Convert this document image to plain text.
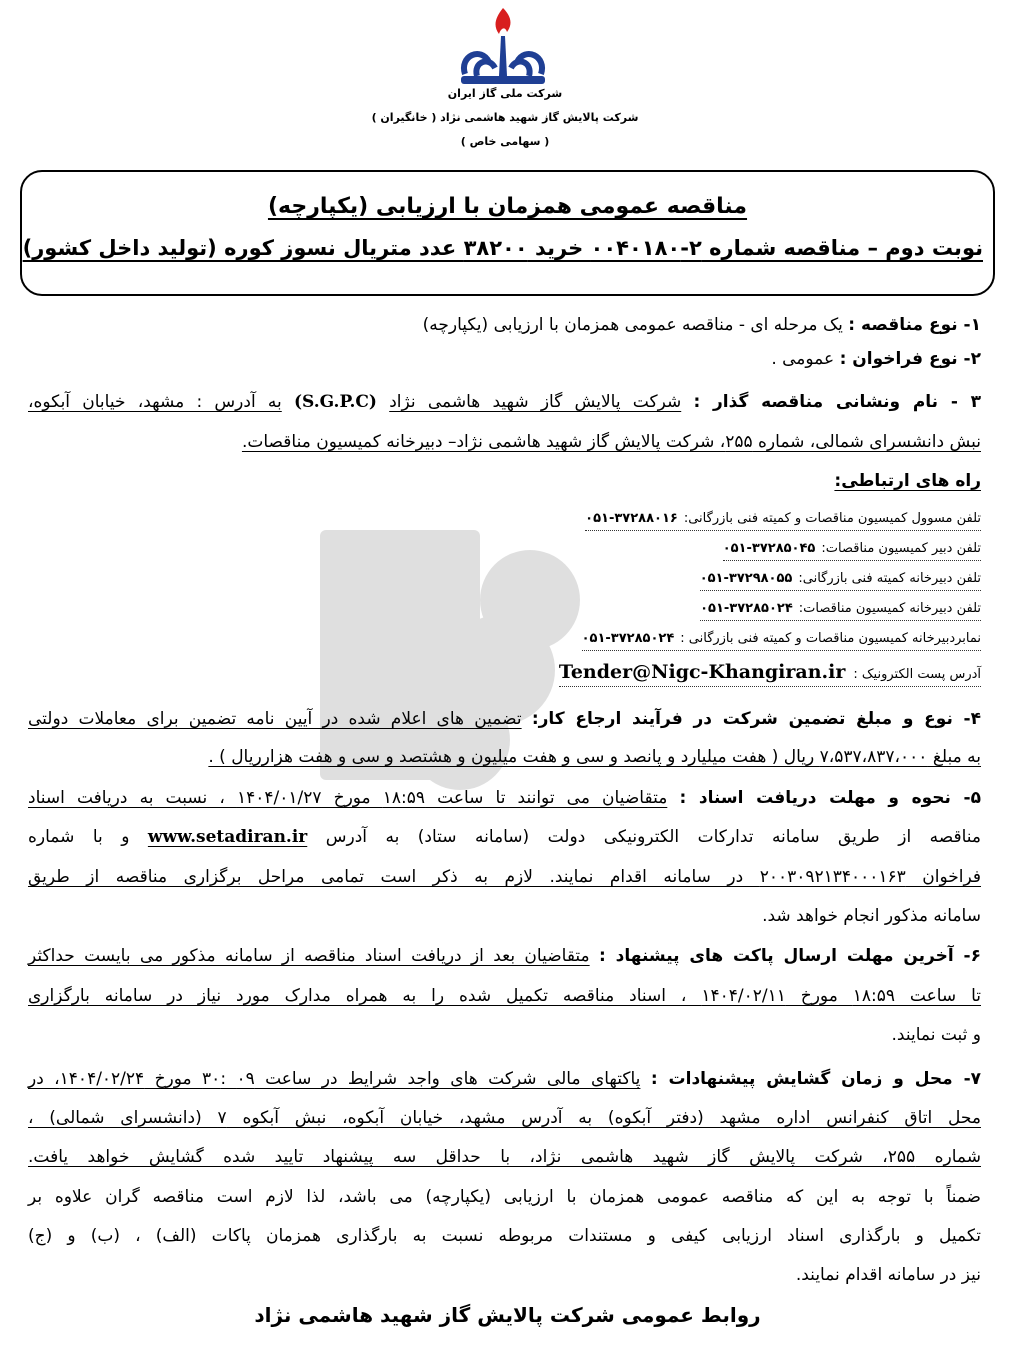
شرکت ملی گاز ایران
شرکت پالایش گاز شهید هاشمی نژاد ( خانگیران )
( سهامی خاص )
مناقصه عمومی همزمان با ارزیابی (یکپارچه)
نوبت دوم – مناقصه شماره ۲-۰۰۴۰۱۸۰ خرید ۳۸۲۰۰ عدد متریال نسوز کوره (تولید داخل کشور)
۱- نوع مناقصه : یک مرحله ای - مناقصه عمومی همزمان با ارزیابی (یکپارچه)
۲- نوع فراخوان : عمومی .
۳ - نام ونشانی مناقصه گذار : شرکت پالایش گاز شهید هاشمی نژاد (S.G.P.C) به آدرس : مشهد، خیابان آبکوه،
نبش دانشسرای شمالی، شماره ۲۵۵، شرکت پالایش گاز شهید هاشمی نژاد– دبیرخانه کمیسیون مناقصات.
راه های ارتباطی:
تلفن مسوول کمیسیون مناقصات و کمیته فنی بازرگانی:۰۵۱-۳۷۲۸۸۰۱۶
تلفن دبیر کمیسیون مناقصات:۰۵۱-۳۷۲۸۵۰۴۵
تلفن دبیرخانه کمیته فنی بازرگانی:۰۵۱-۳۷۲۹۸۰۵۵
تلفن دبیرخانه کمیسیون مناقصات:۰۵۱-۳۷۲۸۵۰۲۴
نمابردبیرخانه کمیسیون مناقصات و کمیته فنی بازرگانی :۰۵۱-۳۷۲۸۵۰۲۴
آدرس پست الکترونیک :Tender@Nigc-Khangiran.ir
۴- نوع و مبلغ تضمین شرکت در فرآیند ارجاع کار: تضمین های اعلام شده در آیین نامه تضمین برای معاملات دولتی
به مبلغ ۷،۵۳۷،۸۳۷،۰۰۰ ریال ( هفت میلیارد و پانصد و سی و هفت میلیون و هشتصد و سی و هفت هزارریال ) .
۵- نحوه و مهلت دریافت اسناد : متقاضیان می توانند تا ساعت ۱۸:۵۹ مورخ ۱۴۰۴/۰۱/۲۷ ، نسبت به دریافت اسناد
مناقصه از طریق سامانه تدارکات الکترونیکی دولت (سامانه ستاد) به آدرس www.setadiran.ir و با شماره
فراخوان ۲۰۰۳۰۹۲۱۳۴۰۰۰۱۶۳ در سامانه اقدام نمایند. لازم به ذکر است تمامی مراحل برگزاری مناقصه از طریق
سامانه مذکور انجام خواهد شد.
۶- آخرین مهلت ارسال پاکت های پیشنهاد : متقاضیان بعد از دریافت اسناد مناقصه از سامانه مذکور می بایست حداکثر
تا ساعت ۱۸:۵۹ مورخ ۱۴۰۴/۰۲/۱۱ ، اسناد مناقصه تکمیل شده را به همراه مدارک مورد نیاز در سامانه بارگزاری
و ثبت نمایند.
۷- محل و زمان گشایش پیشنهادات : پاکتهای مالی شرکت های واجد شرایط در ساعت ۰۹ :۳۰ مورخ ۱۴۰۴/۰۲/۲۴، در
محل اتاق کنفرانس اداره مشهد (دفتر آبکوه) به آدرس مشهد، خیابان آبکوه، نبش آبکوه ۷ (دانشسرای شمالی) ،
شماره ۲۵۵، شرکت پالایش گاز شهید هاشمی نژاد، با حداقل سه پیشنهاد تایید شده گشایش خواهد یافت.
ضمناً با توجه به این که مناقصه عمومی همزمان با ارزیابی (یکپارچه) می باشد، لذا لازم است مناقصه گران علاوه بر
تکمیل و بارگذاری اسناد ارزیابی کیفی و مستندات مربوطه نسبت به بارگذاری همزمان پاکات (الف) ، (ب) و (ج)
نیز در سامانه اقدام نمایند.
روابط عمومی شرکت پالایش گاز شهید هاشمی نژاد
